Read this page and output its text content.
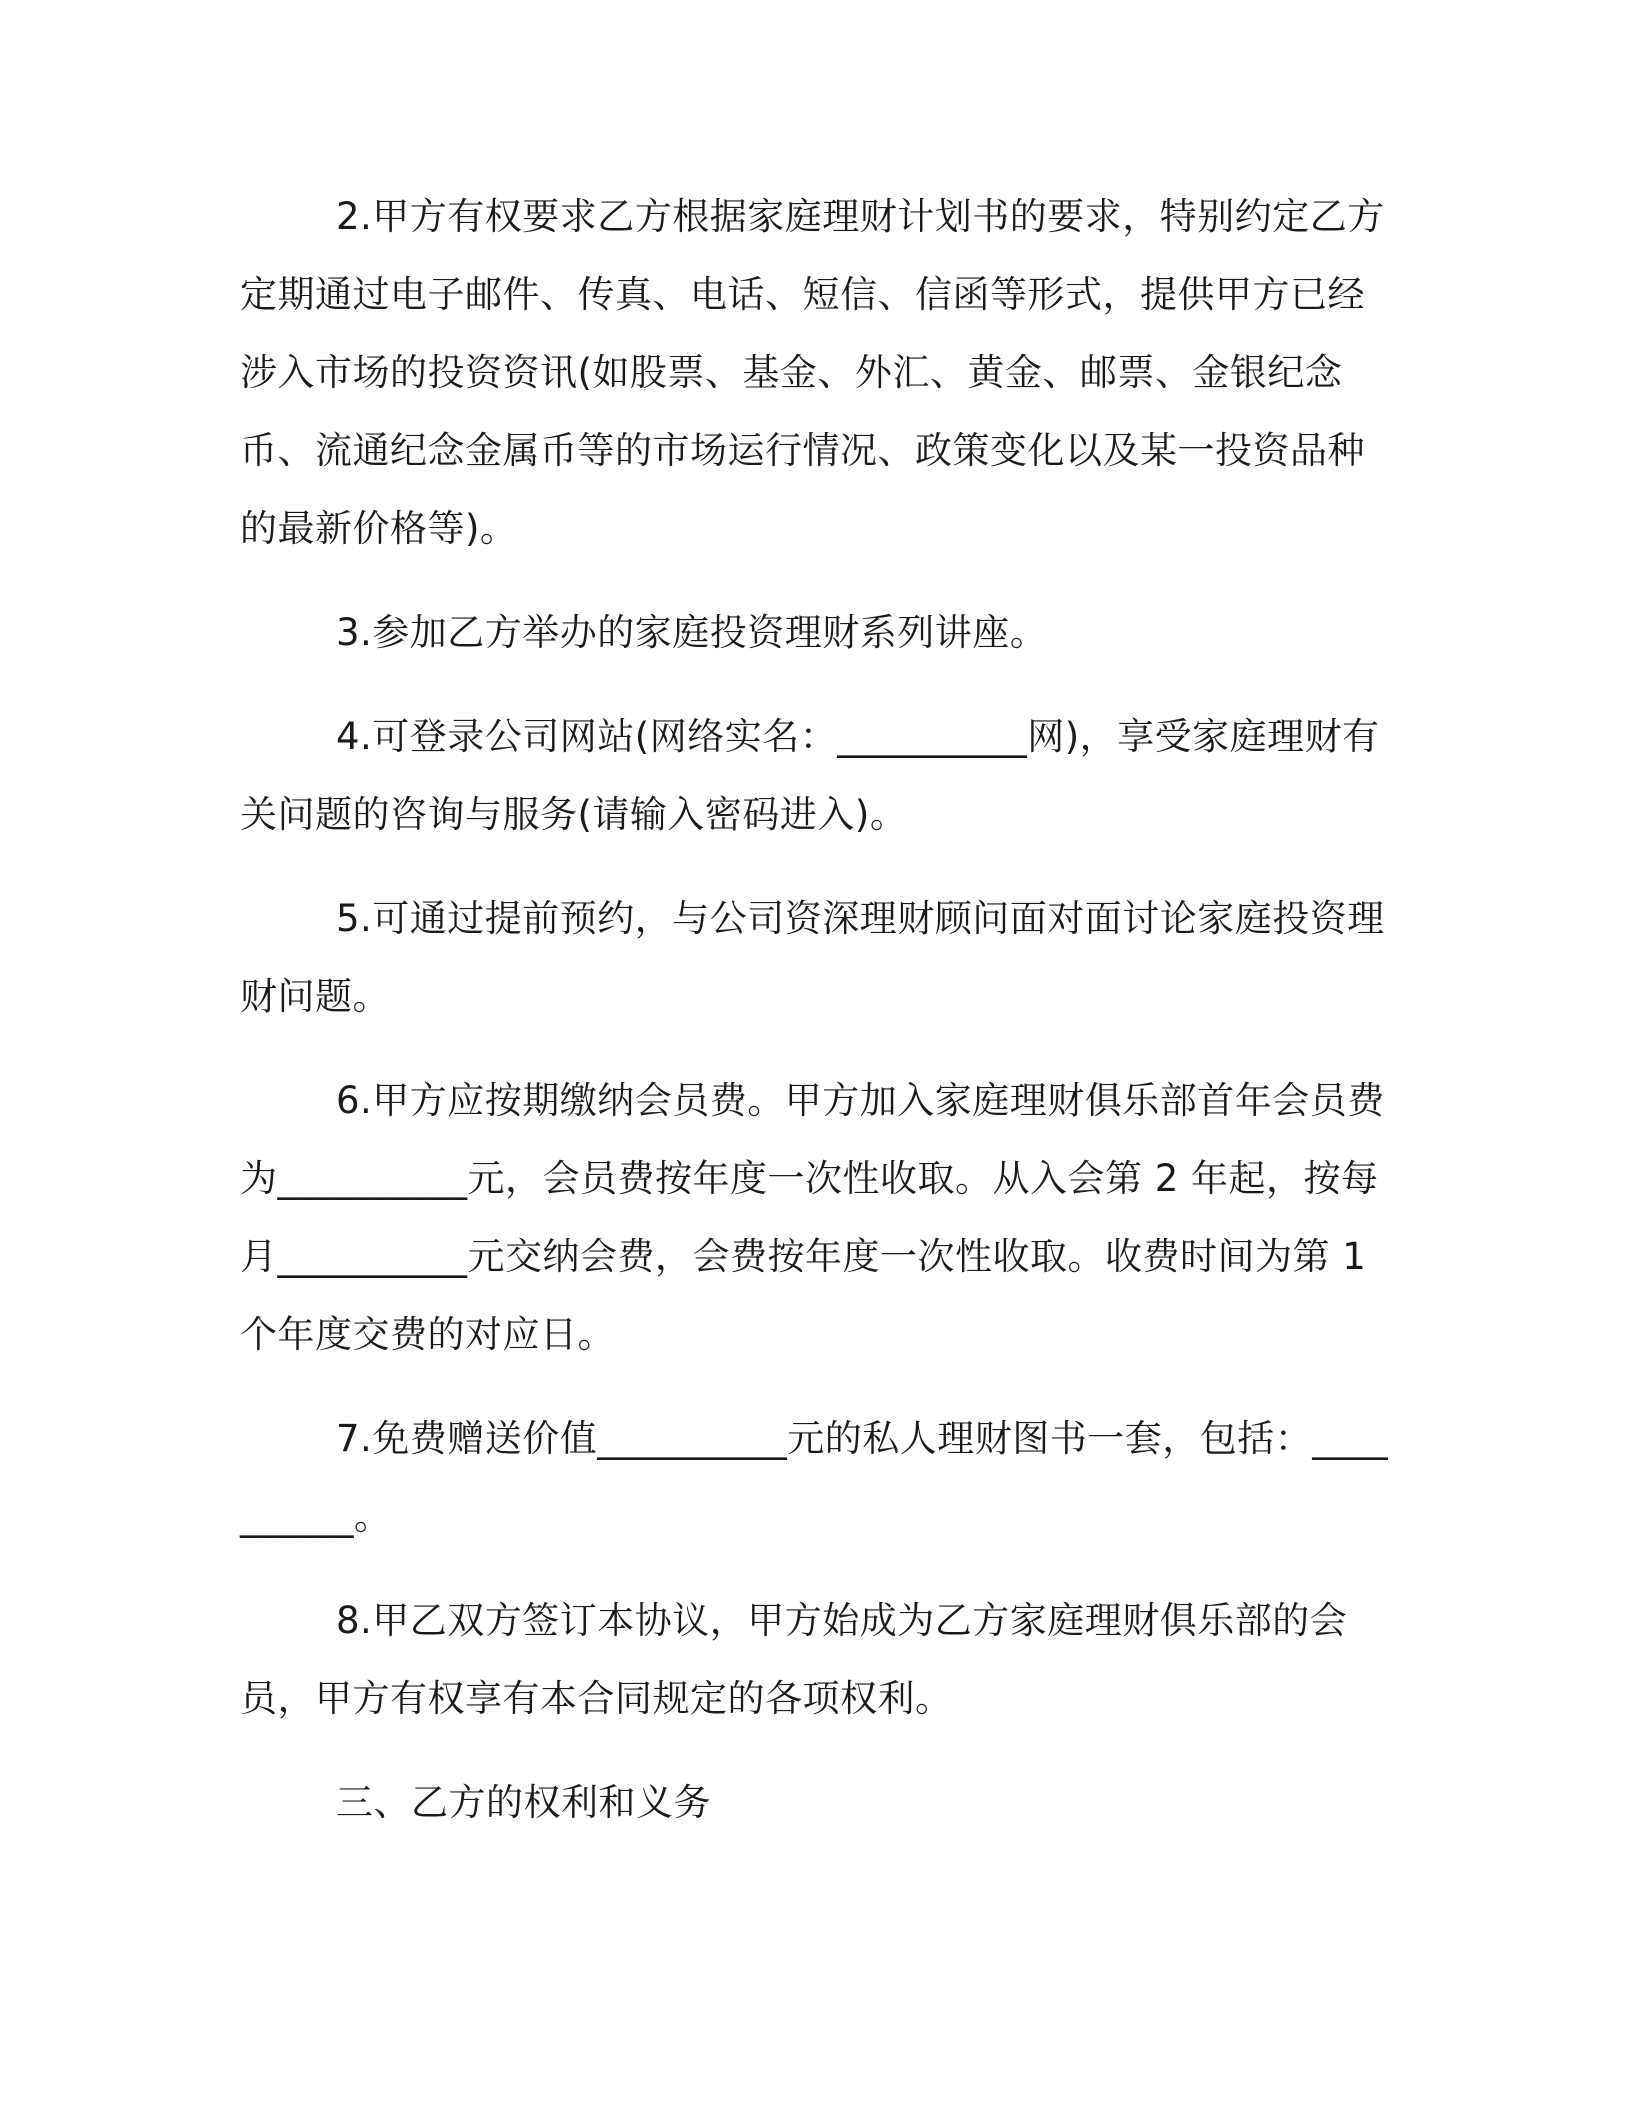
2.甲方有权要求乙方根据家庭理财计划书的要求，特别约定乙方定期通过电子邮件、传真、电话、短信、信函等形式，提供甲方已经涉入市场的投资资讯(如股票、基金、外汇、黄金、邮票、金银纪念币、流通纪念金属币等的市场运行情况、政策变化以及某一投资品种的最新价格等)。

3.参加乙方举办的家庭投资理财系列讲座。

4.可登录公司网站(网络实名：__________网)，享受家庭理财有关问题的咨询与服务(请输入密码进入)。

5.可通过提前预约，与公司资深理财顾问面对面讨论家庭投资理财问题。

6.甲方应按期缴纳会员费。甲方加入家庭理财俱乐部首年会员费为__________元，会员费按年度一次性收取。从入会第 2 年起，按每月__________元交纳会费，会费按年度一次性收取。收费时间为第 1 个年度交费的对应日。

7.免费赠送价值__________元的私人理财图书一套，包括：__________。

8.甲乙双方签订本协议，甲方始成为乙方家庭理财俱乐部的会员，甲方有权享有本合同规定的各项权利。

三、乙方的权利和义务
